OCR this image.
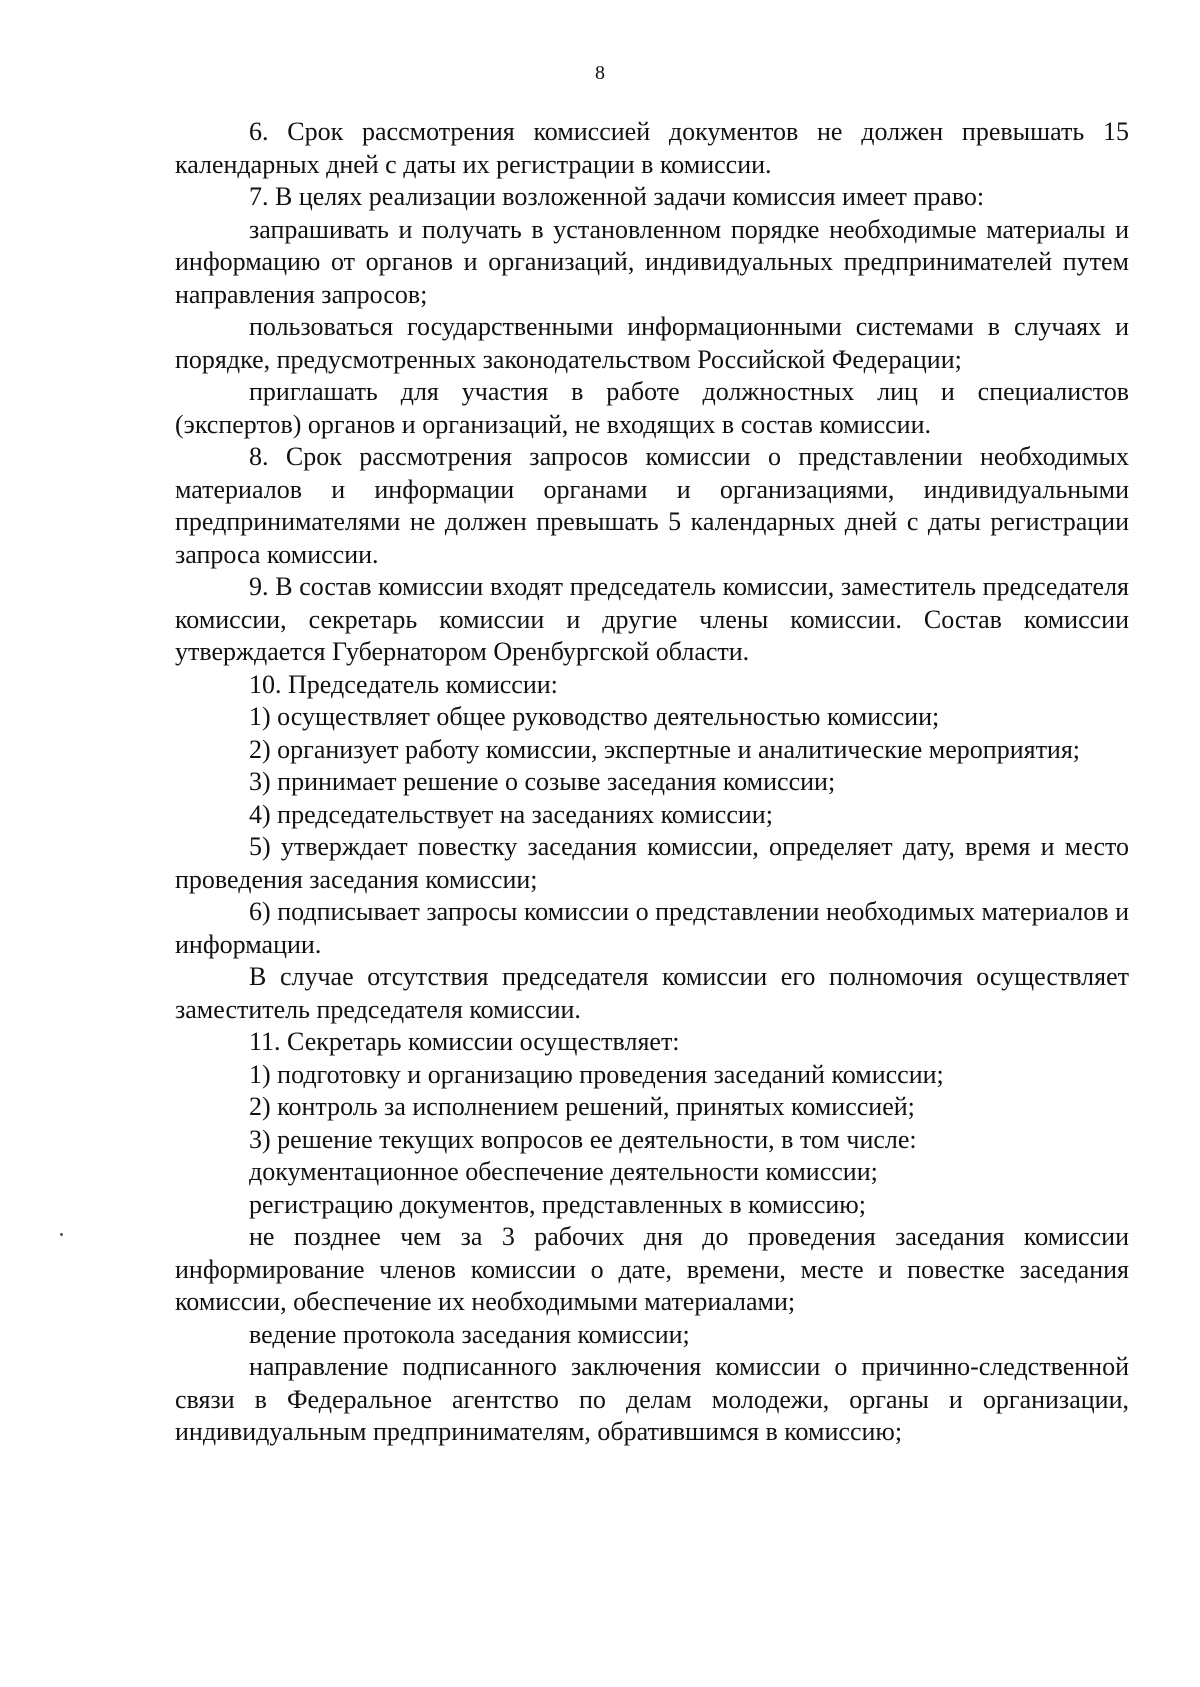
8

6. Срок рассмотрения комиссией документов не должен превышать 15 календарных дней с даты их регистрации в комиссии.

7. В целях реализации возложенной задачи комиссия имеет право:

запрашивать и получать в установленном порядке необходимые материалы и информацию от органов и организаций, индивидуальных предпринимателей путем направления запросов;

пользоваться государственными информационными системами в случаях и порядке, предусмотренных законодательством Российской Федерации;

приглашать для участия в работе должностных лиц и специалистов (экспертов) органов и организаций, не входящих в состав комиссии.

8. Срок рассмотрения запросов комиссии о представлении необходимых материалов и информации органами и организациями, индивидуальными предпринимателями не должен превышать 5 календарных дней с даты регистрации запроса комиссии.

9. В состав комиссии входят председатель комиссии, заместитель председателя комиссии, секретарь комиссии и другие члены комиссии. Состав комиссии утверждается Губернатором Оренбургской области.

10. Председатель комиссии:

1) осуществляет общее руководство деятельностью комиссии;

2) организует работу комиссии, экспертные и аналитические мероприятия;

3) принимает решение о созыве заседания комиссии;

4) председательствует на заседаниях комиссии;

5) утверждает повестку заседания комиссии, определяет дату, время и место проведения заседания комиссии;

6) подписывает запросы комиссии о представлении необходимых материалов и информации.

В случае отсутствия председателя комиссии его полномочия осуществляет заместитель председателя комиссии.

11. Секретарь комиссии осуществляет:

1) подготовку и организацию проведения заседаний комиссии;

2) контроль за исполнением решений, принятых комиссией;

3) решение текущих вопросов ее деятельности, в том числе:

документационное обеспечение деятельности комиссии;

регистрацию документов, представленных в комиссию;

не позднее чем за 3 рабочих дня до проведения заседания комиссии информирование членов комиссии о дате, времени, месте и повестке заседания комиссии, обеспечение их необходимыми материалами;

ведение протокола заседания комиссии;

направление подписанного заключения комиссии о причинно-следственной связи в Федеральное агентство по делам молодежи, органы и организации, индивидуальным предпринимателям, обратившимся в комиссию;
